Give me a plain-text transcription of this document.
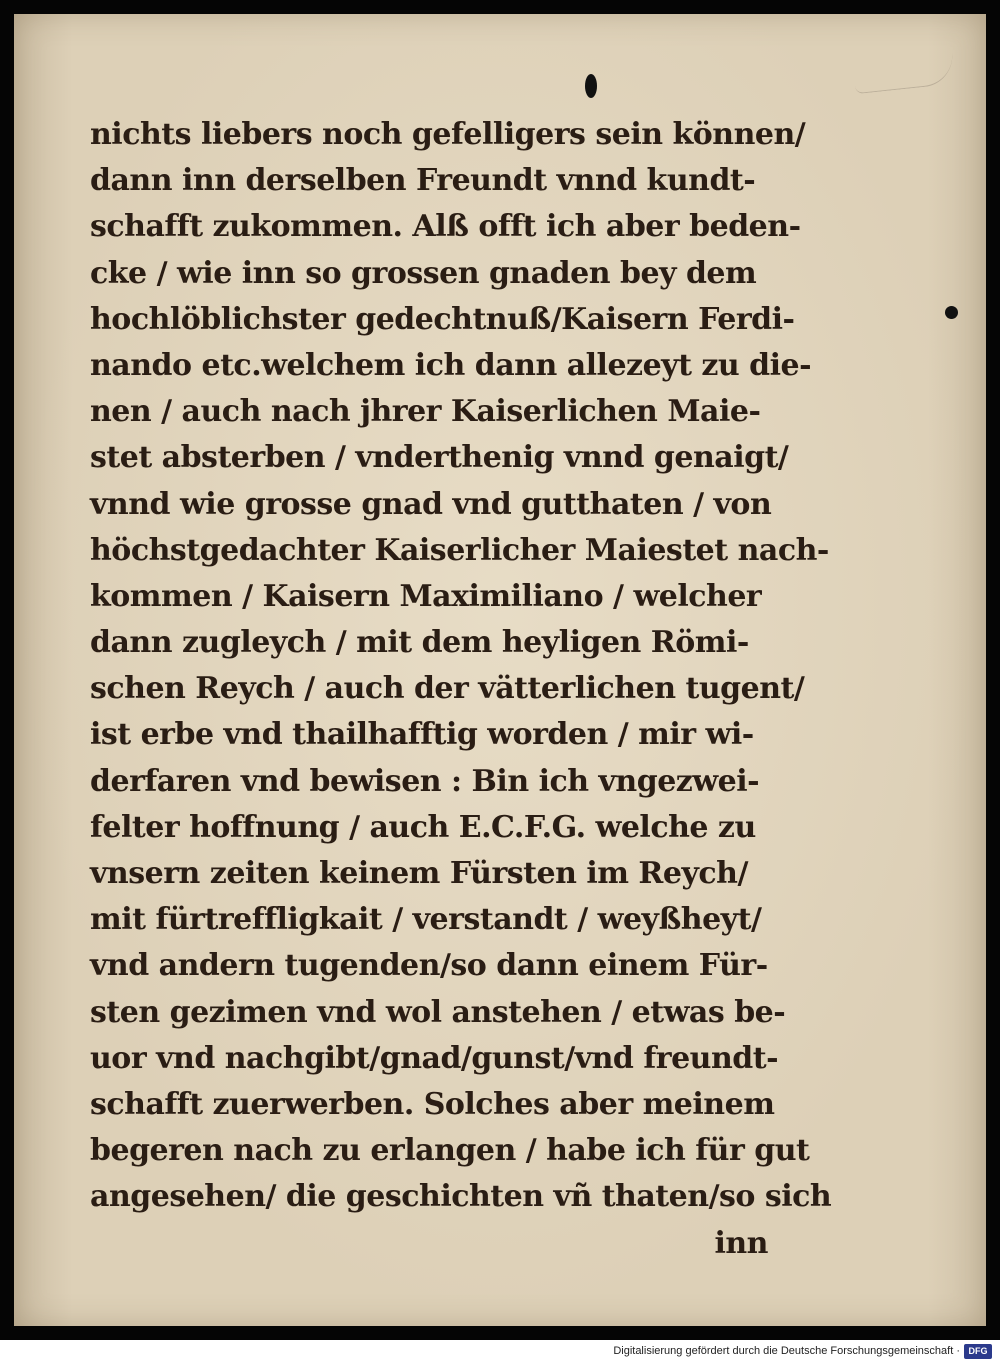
nichts liebers noch gefelligers sein können/
dann inn derselben Freundt vnnd kundt-
schafft zukommen. Alß offt ich aber beden-
cke / wie inn so grossen gnaden bey dem
hochlöblichster gedechtnuß/Kaisern Ferdi-
nando etc.welchem ich dann allezeyt zu die-
nen / auch nach jhrer Kaiserlichen Maie-
stet absterben / vnderthenig vnnd genaigt/
vnnd wie grosse gnad vnd gutthaten / von
höchstgedachter Kaiserlicher Maiestet nach-
kommen / Kaisern Maximiliano / welcher
dann zugleych / mit dem heyligen Römi-
schen Reych / auch der vätterlichen tugent/
ist erbe vnd thailhafftig worden / mir wi-
derfaren vnd bewisen : Bin ich vngezwei-
felter hoffnung / auch E.C.F.G. welche zu
vnsern zeiten keinem Fürsten im Reych/
mit fürtreffligkait / verstandt / weyßheyt/
vnd andern tugenden/so dann einem Für-
sten gezimen vnd wol anstehen / etwas be-
uor vnd nachgibt/gnad/gunst/vnd freundt-
schafft zuerwerben. Solches aber meinem
begeren nach zu erlangen / habe ich für gut
angesehen/ die geschichten vñ thaten/so sich
inn
Digitalisierung gefördert durch die Deutsche Forschungsgemeinschaft · DFG
